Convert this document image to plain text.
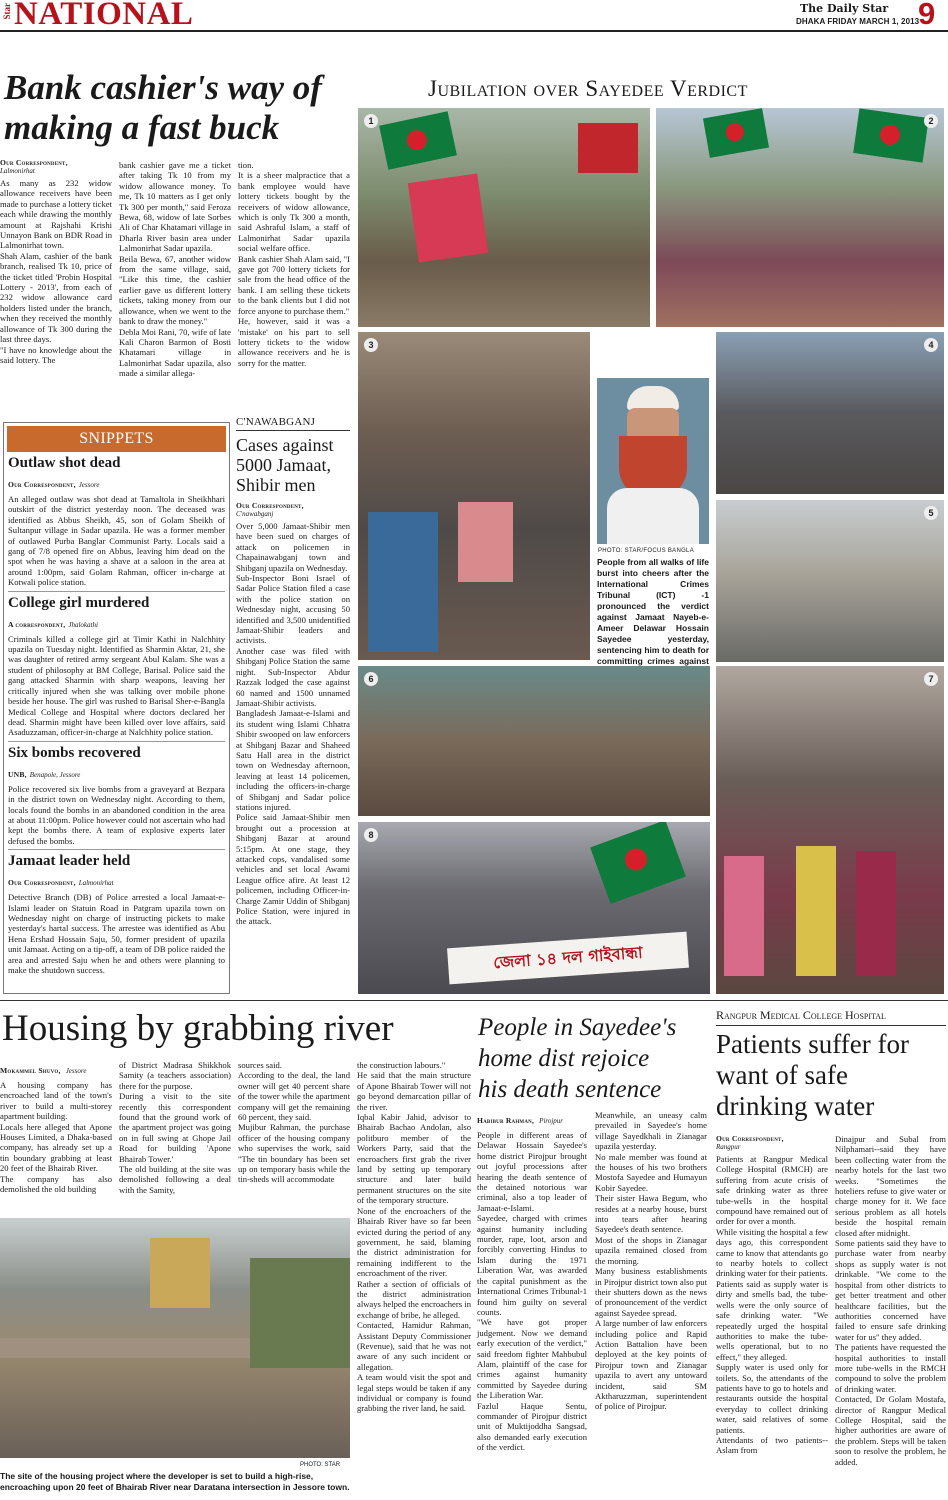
Star NATIONAL	The Daily Star
DHAKA FRIDAY MARCH 1, 2013
9
Bank cashier's way of
making a fast buck
Our Correspondent,
Lalmonirhat
As many as 232 widow allowance receivers have been made to purchase a lottery ticket each while drawing the monthly amount at Rajshahi Krishi Unnayon Bank on BDR Road in Lalmonirhat town.
Shah Alam, cashier of the bank branch, realised Tk 10, price of the ticket titled 'Probin Hospital Lottery - 2013', from each of 232 widow allowance card holders listed under the branch, when they received the monthly allowance of Tk 300 during the last three days.
"I have no knowledge about the said lottery. The
bank cashier gave me a ticket after taking Tk 10 from my widow allowance money. To me, Tk 10 matters as I get only Tk 300 per month," said Feroza Bewa, 68, widow of late Sorbes Ali of Char Khatamari village in Dharla River basin area under Lalmonirhat Sadar upazila.
Beila Bewa, 67, another widow from the same village, said, "Like this time, the cashier earlier gave us different lottery tickets, taking money from our allowance, when we went to the bank to draw the money."
Debla Moi Rani, 70, wife of late Kali Charon Barmon of Bosti Khatamari village in Lalmonirhat Sadar upazila, also made a similar allega-
tion.
It is a sheer malpractice that a bank employee would have lottery tickets bought by the receivers of widow allowance, which is only Tk 300 a month, said Ashraful Islam, a staff of Lalmonirhat Sadar upazila social welfare office.
Bank cashier Shah Alam said, "I gave got 700 lottery tickets for sale from the head office of the bank. I am selling these tickets to the bank clients but I did not force anyone to purchase them."
He, however, said it was a 'mistake' on his part to sell lottery tickets to the widow allowance receivers and he is sorry for the matter.
SNIPPETS
Outlaw shot dead
Our Correspondent, Jessore
An alleged outlaw was shot dead at Tamaltola in Sheikhhari outskirt of the district yesterday noon. The deceased was identified as Abbus Sheikh, 45, son of Golam Sheikh of Sultanpur village in Sadar upazila. He was a former member of outlawed Purba Banglar Communist Party. Locals said a gang of 7/8 opened fire on Abbus, leaving him dead on the spot when he was having a shave at a saloon in the area at around 1:00pm, said Golam Rahman, officer in-charge at Kotwali police station.
College girl murdered
A correspondent, Jhalokathi
Criminals killed a college girl at Timir Kathi in Nalchhity upazila on Tuesday night. Identified as Sharmin Aktar, 21, she was daughter of retired army sergeant Abul Kalam. She was a student of philosophy at BM College, Barisal. Police said the gang attacked Sharmin with sharp weapons, leaving her critically injured when she was talking over mobile phone beside her house. The girl was rushed to Barisal Sher-e-Bangla Medical College and Hospital where doctors declared her dead. Sharmin might have been killed over love affairs, said Asaduzzaman, officer-in-charge at Nalchhity police station.
Six bombs recovered
UNB, Benapole, Jessore
Police recovered six live bombs from a graveyard at Bezpara in the district town on Wednesday night. According to them, locals found the bombs in an abandoned condition in the area at about 11:00pm. Police however could not ascertain who had kept the bombs there. A team of explosive experts later defused the bombs.
Jamaat leader held
Our Correspondent, Lalmonirhat
Detective Branch (DB) of Police arrested a local Jamaat-e-Islami leader on Statuin Road in Patgram upazila town on Wednesday night on charge of instructing pickets to make yesterday's hartal success. The arrestee was identified as Abu Hena Ershad Hossain Saju, 50, former president of upazila unit Jamaat. Acting on a tip-off, a team of DB police raided the area and arrested Saju when he and others were planning to make the shutdown success.
C'NAWABGANJ
Cases against 5000 Jamaat, Shibir men
Our Correspondent,
C'nawabganj
Over 5,000 Jamaat-Shibir men have been sued on charges of attack on policemen in Chapainawabganj town and Shibganj upazila on Wednesday.
Sub-Inspector Boni Israel of Sadar Police Station filed a case with the police station on Wednesday night, accusing 50 identified and 3,500 unidentified Jamaat-Shibir leaders and activists.
Another case was filed with Shibganj Police Station the same night. Sub-Inspector Abdur Razzak lodged the case against 60 named and 1500 unnamed Jamaat-Shibir activists.
Bangladesh Jamaat-e-Islami and its student wing Islami Chhatra Shibir swooped on law enforcers at Shibganj Bazar and Shaheed Satu Hall area in the district town on Wednesday afternoon, leaving at least 14 policemen, including the officers-in-charge of Shibganj and Sadar police stations injured.
Police said Jamaat-Shibir men brought out a procession at Shibganj Bazar at around 5:15pm. At one stage, they attacked cops, vandalised some vehicles and set local Awami League office afire. At least 12 policemen, including Officer-in-Charge Zamir Uddin of Shibganj Police Station, were injured in the attack.
Jubilation over Sayedee Verdict
1	2
3
PHOTO: STAR/FOCUS BANGLA
People from all walks of life burst into cheers after the International Crimes Tribunal (ICT) -1 pronounced the verdict against Jamaat Nayeb-e-Ameer Delawar Hossain Sayedee yesterday, sentencing him to death for committing crimes against
4
5
6	7
জেলা ১৪ দল গাইবান্ধা
8
Housing by grabbing river
Mokammel Shuvo, Jessore
A housing company has encroached land of the town's river to build a multi-storey apartment building.
Locals here alleged that Apone Houses Limited, a Dhaka-based company, has already set up a tin boundary grabbing at least 20 feet of the Bhairab River.
The company has also demolished the old building
of District Madrasa Shikkhok Samity (a teachers association) there for the purpose.
During a visit to the site recently this correspondent found that the ground work of the apartment project was going on in full swing at Ghope Jail Road for building 'Apone Bhairab Tower.'
The old building at the site was demolished following a deal with the Samity,
sources said.
According to the deal, the land owner will get 40 percent share of the tower while the apartment company will get the remaining 60 percent, they said.
Mujibur Rahman, the purchase officer of the housing company who supervises the work, said "The tin boundary has been set up on temporary basis while the tin-sheds will accommodate
the construction labours."
He said that the main structure of Apone Bhairab Tower will not go beyond demarcation pillar of the river.
Iqbal Kabir Jahid, advisor to Bhairab Bachao Andolan, also politburo member of the Workers Party, said that the encroachers first grab the river land by setting up temporary structure and later build permanent structures on the site of the temporary structure.
None of the encroachers of the Bhairab River have so far been evicted during the period of any government, he said, blaming the district administration for remaining indifferent to the encroachment of the river.
Rather a section of officials of the district administration always helped the encroachers in exchange of bribe, he alleged.
Contacted, Hamidur Rahman, Assistant Deputy Commissioner (Revenue), said that he was not aware of any such incident or allegation.
A team would visit the spot and legal steps would be taken if any individual or company is found grabbing the river land, he said.
PHOTO: STAR
The site of the housing project where the developer is set to build a high-rise, encroaching upon 20 feet of Bhairab River near Daratana intersection in Jessore town.
People in Sayedee's
home dist rejoice
his death sentence
Habibur Rahman, Pirojpur
People in different areas of Delawar Hossain Sayedee's home district Pirojpur brought out joyful processions after hearing the death sentence of the detained notorious war criminal, also a top leader of Jamaat-e-Islami.
Sayedee, charged with crimes against humanity including murder, rape, loot, arson and forcibly converting Hindus to Islam during the 1971 Liberation War, was awarded the capital punishment as the International Crimes Tribunal-1 found him guilty on several counts.
"We have got proper judgement. Now we demand early execution of the verdict," said freedom fighter Mahbubul Alam, plaintiff of the case for crimes against humanity committed by Sayedee during the Liberation War.
Fazlul Haque Sentu, commander of Pirojpur district unit of Muktijoddha Sangsad, also demanded early execution of the verdict.
Meanwhile, an uneasy calm prevailed in Sayedee's home village Sayedkhali in Zianagar upazila yesterday.
No male member was found at the houses of his two brothers Mostofa Sayedee and Humayun Kobir Sayedee.
Their sister Hawa Begum, who resides at a nearby house, burst into tears after hearing Sayedee's death sentence.
Most of the shops in Zianagar upazila remained closed from the morning.
Many business establishments in Pirojpur district town also put their shutters down as the news of pronouncement of the verdict against Sayedee spread.
A large number of law enforcers including police and Rapid Action Battalion have been deployed at the key points of Pirojpur town and Zianagar upazila to avert any untoward incident, said SM Aktharuzzman, superintendent of police of Pirojpur.
Rangpur Medical College Hospital
Patients suffer for want of safe drinking water
Our Correspondent,
Rangpur
Patients at Rangpur Medical College Hospital (RMCH) are suffering from acute crisis of safe drinking water as three tube-wells in the hospital compound have remained out of order for over a month.
While visiting the hospital a few days ago, this correspondent came to know that attendants go to nearby hotels to collect drinking water for their patients.
Patients said as supply water is dirty and smells bad, the tube-wells were the only source of safe drinking water. "We repeatedly urged the hospital authorities to make the tube-wells operational, but to no effect," they alleged.
Supply water is used only for toilets. So, the attendants of the patients have to go to hotels and restaurants outside the hospital everyday to collect drinking water, said relatives of some patients.
Attendants of two patients--Aslam from
Dinajpur and Subal from Nilphamari--said they have been collecting water from the nearby hotels for the last two weeks. "Sometimes the hoteliers refuse to give water or charge money for it. We face serious problem as all hotels beside the hospital remain closed after midnight.
Some patients said they have to purchase water from nearby shops as supply water is not drinkable. "We come to the hospital from other districts to get better treatment and other healthcare facilities, but the authorities concerned have failed to ensure safe drinking water for us" they added.
The patients have requested the hospital authorities to install more tube-wells in the RMCH compound to solve the problem of drinking water.
Contacted, Dr Golam Mostafa, director of Rangpur Medical College Hospital, said the higher authorities are aware of the problem. Steps will be taken soon to resolve the problem, he added.
